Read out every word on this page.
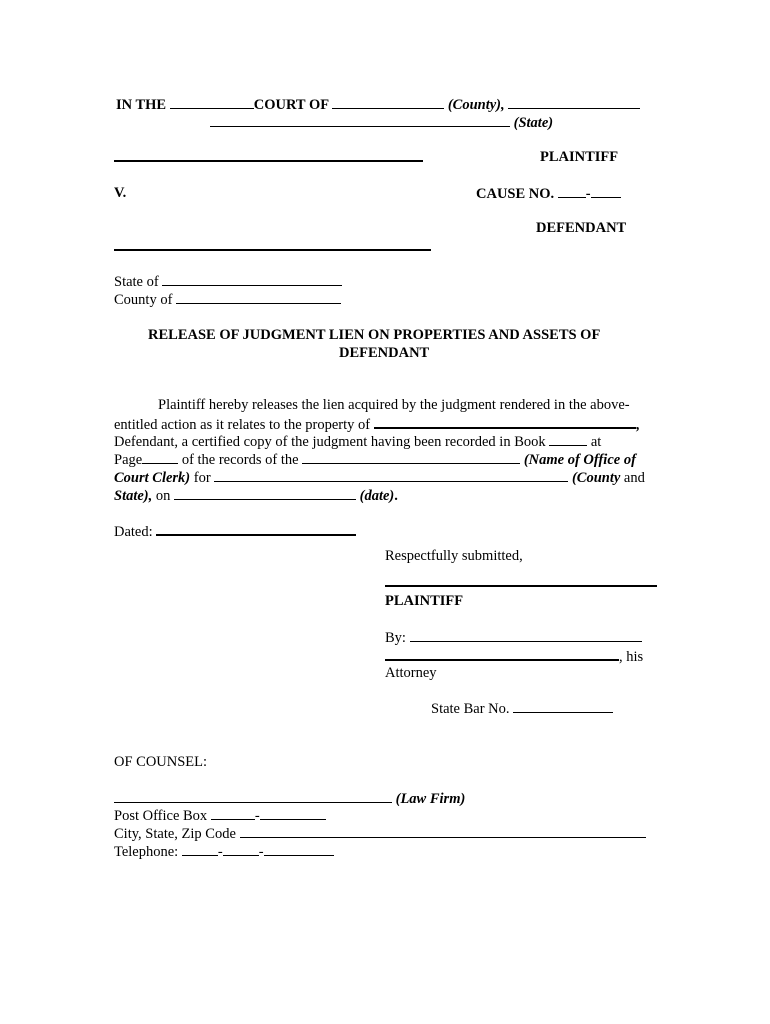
IN THE	COURT OF	(County),
(State)
PLAINTIFF
V.	CAUSE NO. -
DEFENDANT
State of
County of
RELEASE OF JUDGMENT LIEN ON PROPERTIES AND ASSETS OF
DEFENDANT
Plaintiff hereby releases the lien acquired by the judgment rendered in the above-
entitled action as it relates to the property of	,
Defendant, a certified copy of the judgment having been recorded in Book	at
Page	of the records of the	(Name of Office of
Court Clerk) for	(County and
State), on	(date).
Dated:
Respectfully submitted,
PLAINTIFF
By:
, his
Attorney
State Bar No.
OF COUNSEL:
(Law Firm)
Post Office Box	-
City, State, Zip Code
Telephone:	- -
